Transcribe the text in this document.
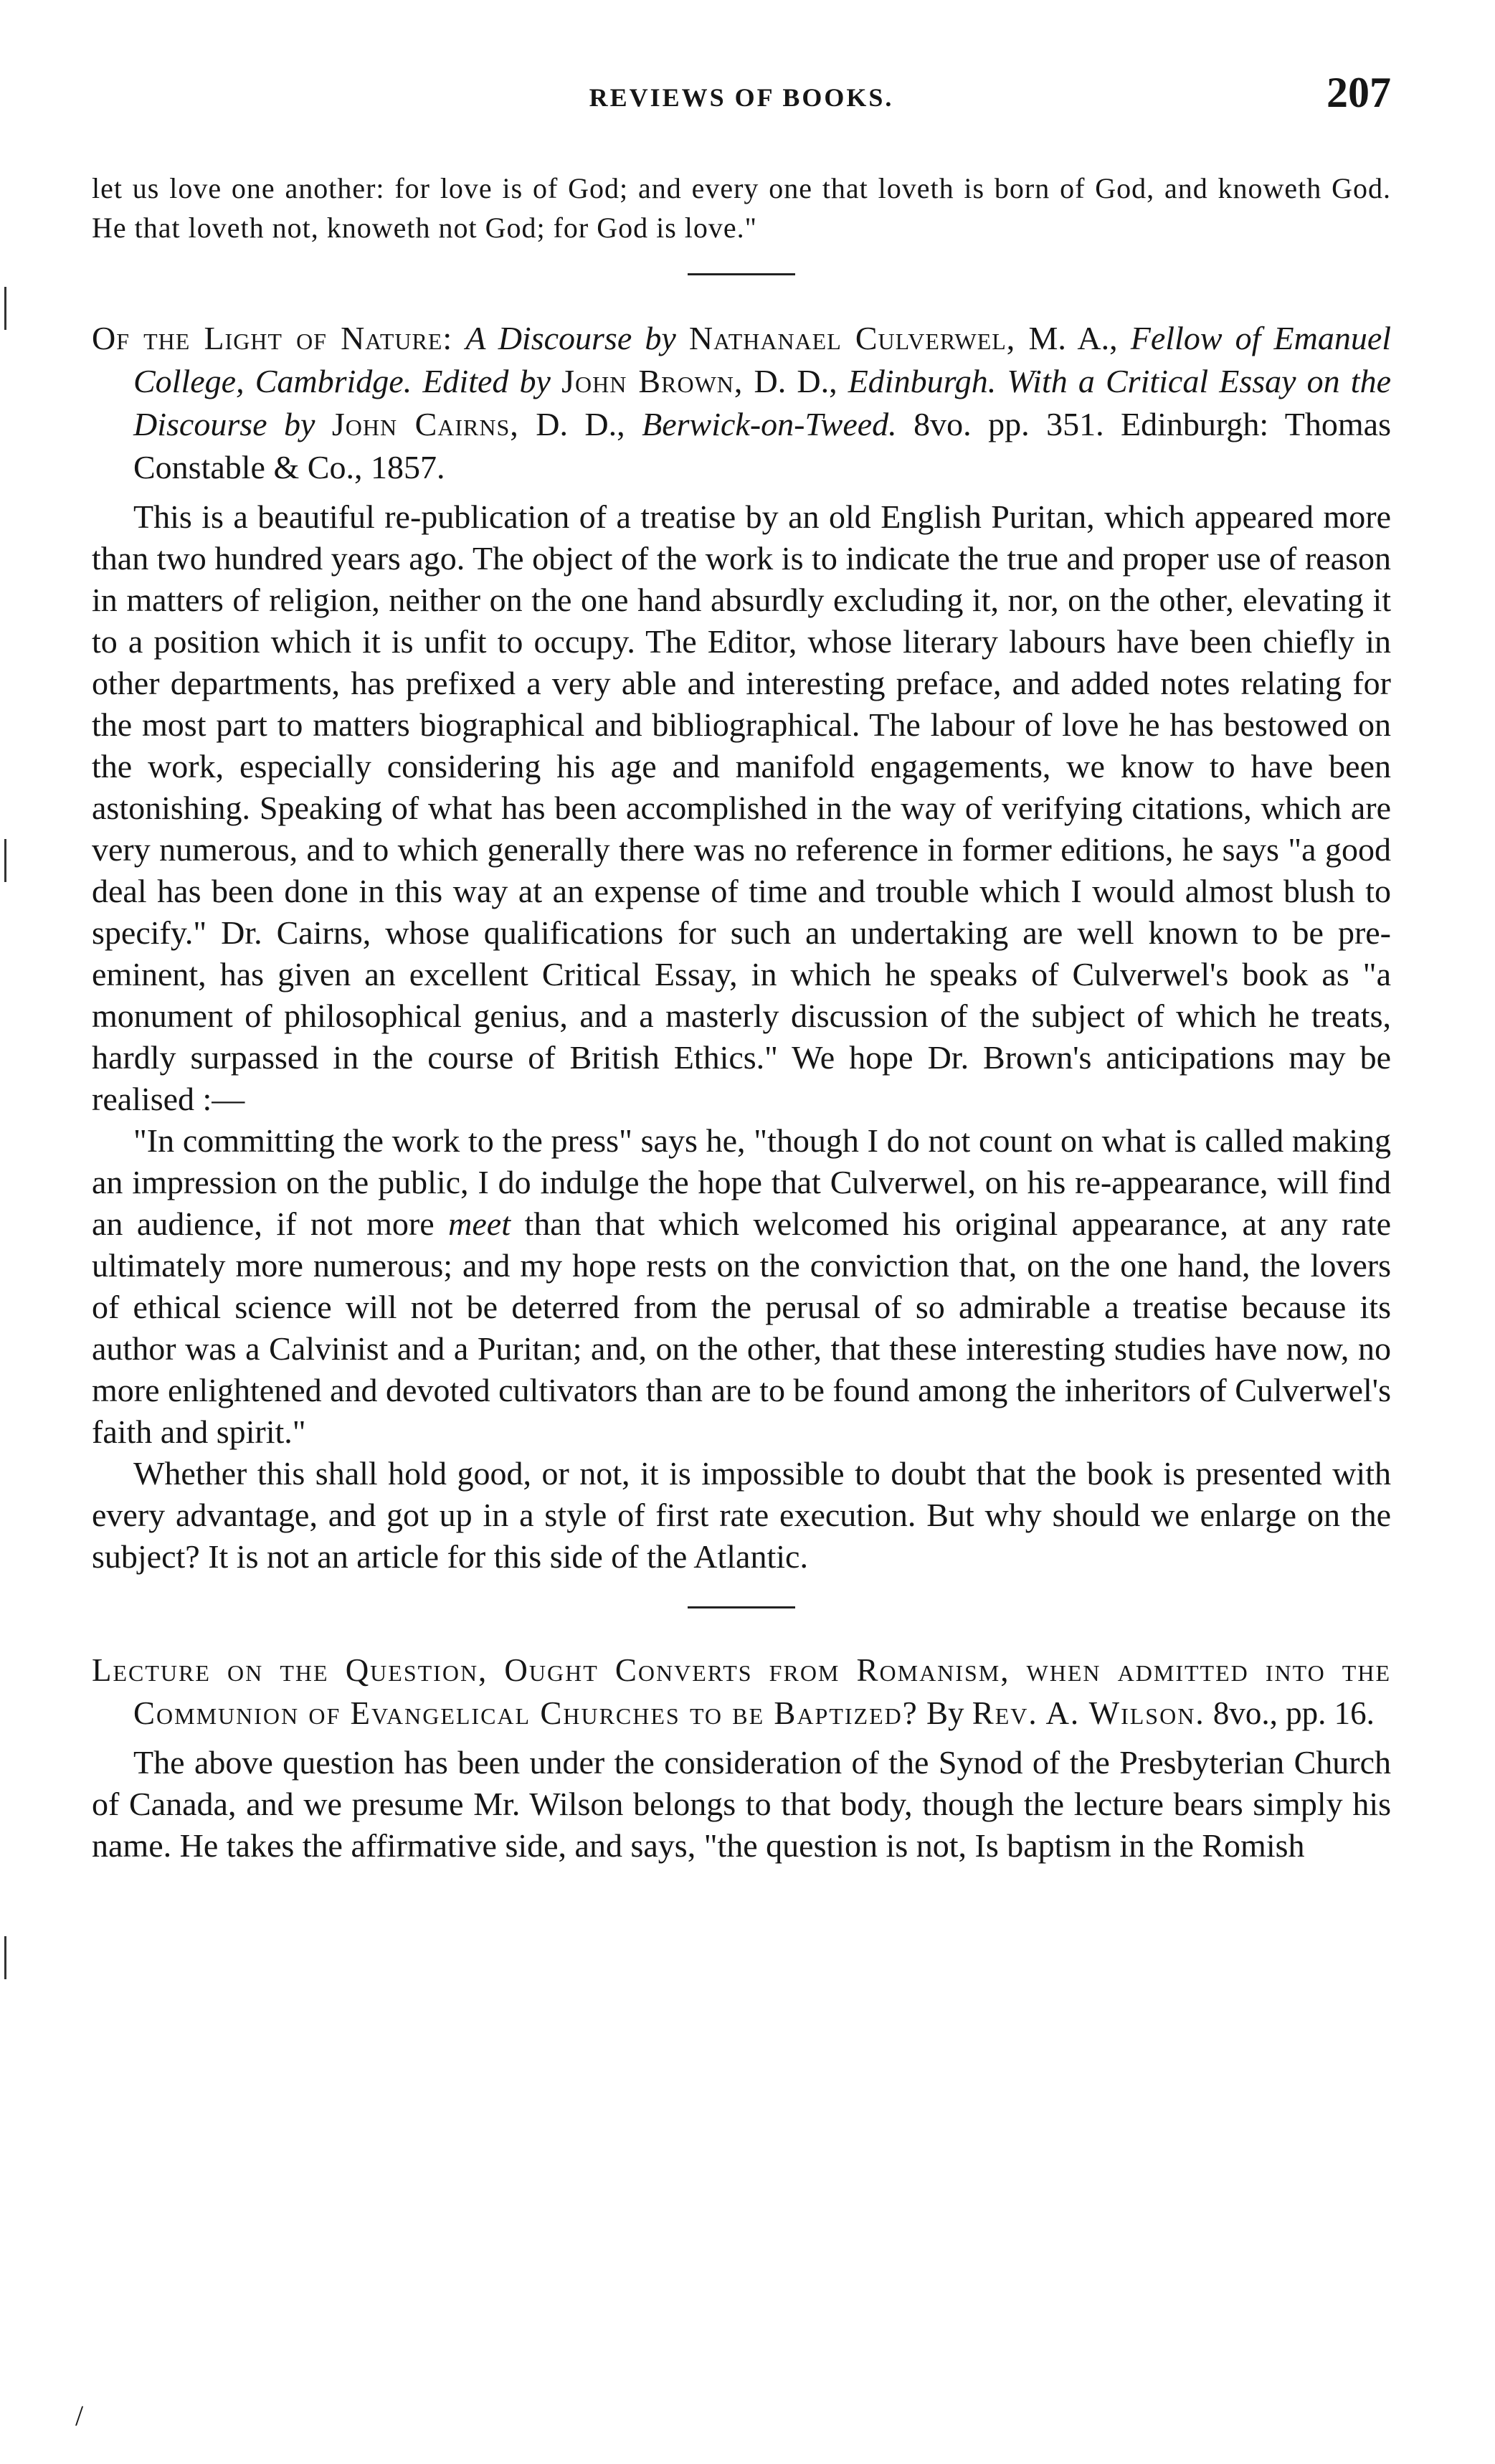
REVIEWS OF BOOKS.	207
let us love one another: for love is of God; and every one that loveth is born of God, and knoweth God. He that loveth not, knoweth not God; for God is love."
Of the Light of Nature: A Discourse by Nathanael Culverwel, M. A., Fellow of Emanuel College, Cambridge. Edited by John Brown, D. D., Edinburgh. With a Critical Essay on the Discourse by John Cairns, D. D., Berwick-on-Tweed. 8vo. pp. 351. Edinburgh: Thomas Constable & Co., 1857.

This is a beautiful re-publication of a treatise by an old English Puritan, which appeared more than two hundred years ago. The object of the work is to indicate the true and proper use of reason in matters of religion, neither on the one hand absurdly excluding it, nor, on the other, elevating it to a position which it is unfit to occupy. The Editor, whose literary labours have been chiefly in other departments, has prefixed a very able and interesting preface, and added notes relating for the most part to matters biographical and bibliographical. The labour of love he has bestowed on the work, especially considering his age and manifold engagements, we know to have been astonishing. Speaking of what has been accomplished in the way of verifying citations, which are very numerous, and to which generally there was no reference in former editions, he says "a good deal has been done in this way at an expense of time and trouble which I would almost blush to specify." Dr. Cairns, whose qualifications for such an undertaking are well known to be pre-eminent, has given an excellent Critical Essay, in which he speaks of Culverwel's book as "a monument of philosophical genius, and a masterly discussion of the subject of which he treats, hardly surpassed in the course of British Ethics." We hope Dr. Brown's anticipations may be realised :—

"In committing the work to the press" says he, "though I do not count on what is called making an impression on the public, I do indulge the hope that Culverwel, on his re-appearance, will find an audience, if not more meet than that which welcomed his original appearance, at any rate ultimately more numerous; and my hope rests on the conviction that, on the one hand, the lovers of ethical science will not be deterred from the perusal of so admirable a treatise because its author was a Calvinist and a Puritan; and, on the other, that these interesting studies have now, no more enlightened and devoted cultivators than are to be found among the inheritors of Culverwel's faith and spirit."

Whether this shall hold good, or not, it is impossible to doubt that the book is presented with every advantage, and got up in a style of first rate execution. But why should we enlarge on the subject? It is not an article for this side of the Atlantic.

Lecture on the Question, Ought Converts from Romanism, when admitted into the Communion of Evangelical Churches to be Baptized? By Rev. A. Wilson. 8vo., pp. 16.

The above question has been under the consideration of the Synod of the Presbyterian Church of Canada, and we presume Mr. Wilson belongs to that body, though the lecture bears simply his name. He takes the affirmative side, and says, "the question is not, Is baptism in the Romish

/
